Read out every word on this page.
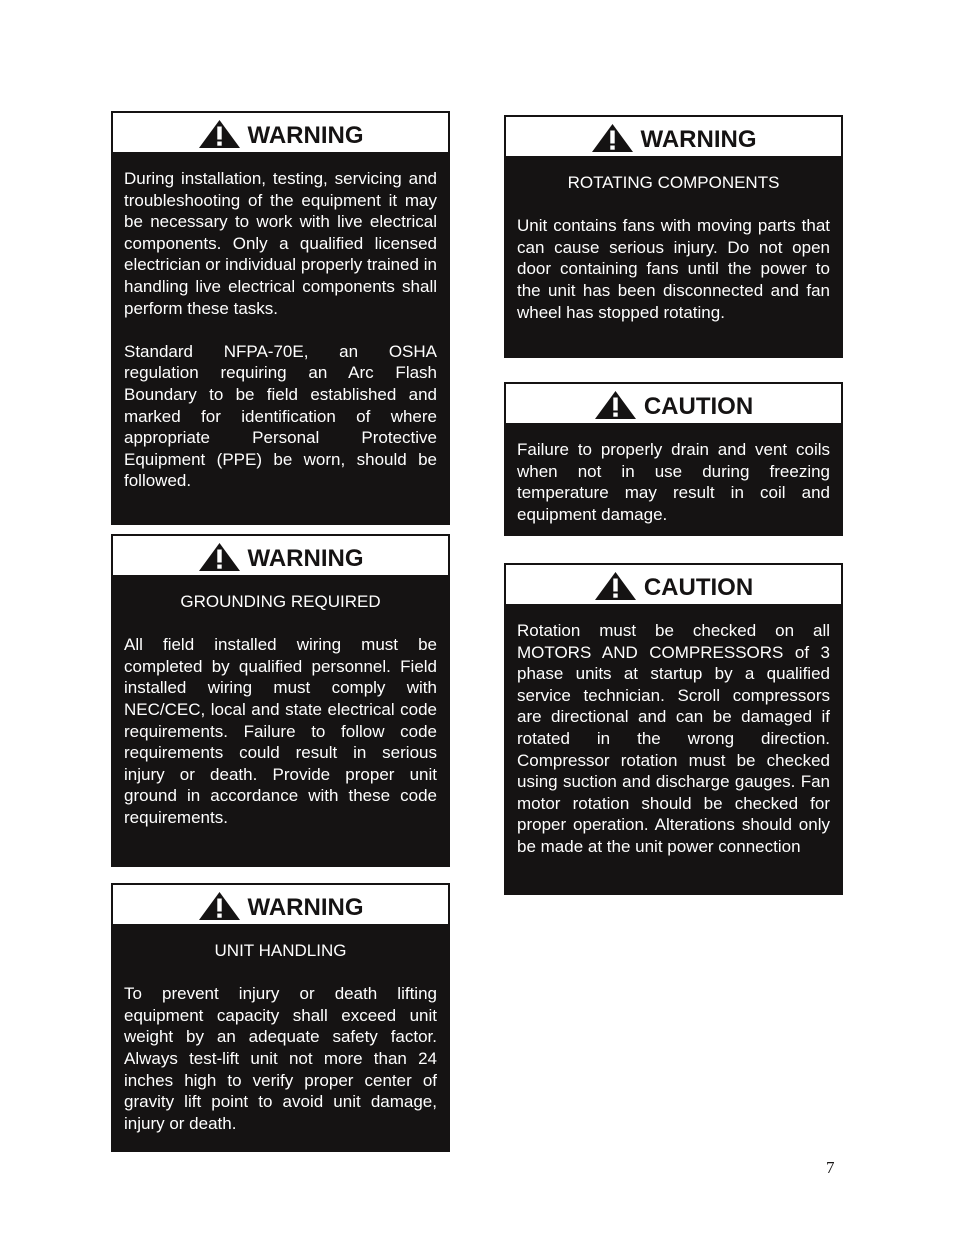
WARNING

During installation, testing, servicing and troubleshooting of the equipment it may be necessary to work with live electrical components. Only a qualified licensed electrician or individual properly trained in handling live electrical components shall perform these tasks.

Standard NFPA-70E, an OSHA regulation requiring an Arc Flash Boundary to be field established and marked for identification of where appropriate Personal Protective Equipment (PPE) be worn, should be followed.

WARNING

GROUNDING REQUIRED

All field installed wiring must be completed by qualified personnel. Field installed wiring must comply with NEC/CEC, local and state electrical code requirements. Failure to follow code requirements could result in serious injury or death. Provide proper unit ground in accordance with these code requirements.

WARNING

UNIT HANDLING

To prevent injury or death lifting equipment capacity shall exceed unit weight by an adequate safety factor. Always test-lift unit not more than 24 inches high to verify proper center of gravity lift point to avoid unit damage, injury or death.

WARNING

ROTATING COMPONENTS

Unit contains fans with moving parts that can cause serious injury. Do not open door containing fans until the power to the unit has been disconnected and fan wheel has stopped rotating.

CAUTION

Failure to properly drain and vent coils when not in use during freezing temperature may result in coil and equipment damage.

CAUTION

Rotation must be checked on all MOTORS AND COMPRESSORS of 3 phase units at startup by a qualified service technician. Scroll compressors are directional and can be damaged if rotated in the wrong direction. Compressor rotation must be checked using suction and discharge gauges. Fan motor rotation should be checked for proper operation. Alterations should only be made at the unit power connection

7
